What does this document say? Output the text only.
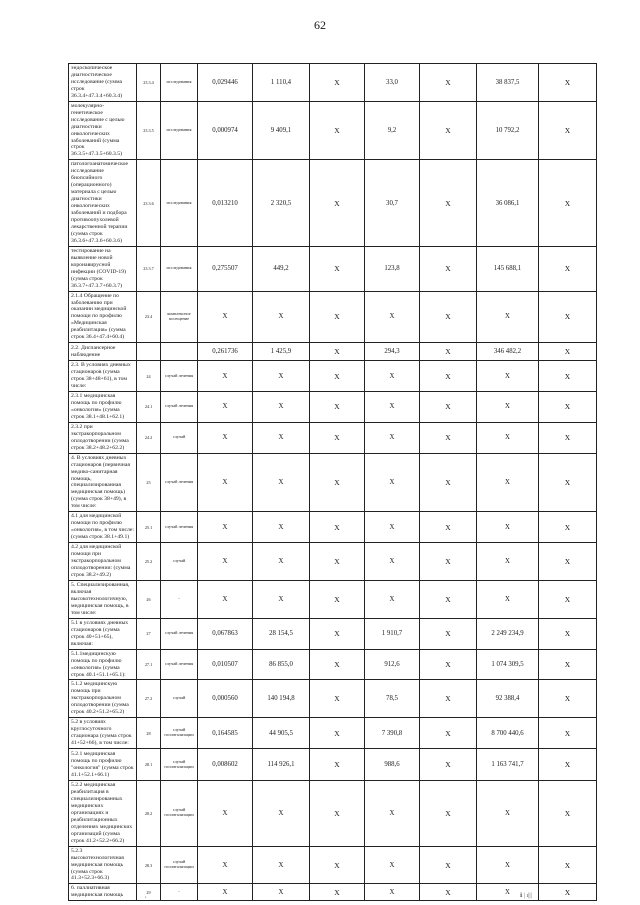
62
эндоскопическое диагностическое исследование (сумма строк 36.3.4+47.3.4+60.3.4)	23.3.4	исследования	0,029446	1 110,4	X	33,0	X	38 837,5	X
молекулярно-генетическое исследование с целью диагностики онкологических заболеваний (сумма строк 36.3.5+47.3.5+60.3.5)	23.3.5	исследования	0,000974	9 409,1	X	9,2	X	10 792,2	X
патологоанатомическое исследование биопсийного (операционного) материала с целью диагностики онкологических заболеваний и подбора противоопухолевой лекарственной терапии (сумма строк 36.3.6+47.3.6+60.3.6)	23.3.6	исследования	0,013210	2 320,5	X	30,7	X	36 086,1	X
тестирование на выявление новой коронавирусной инфекции (COVID-19) (сумма строк 36.3.7+47.3.7+60.3.7)	23.3.7	исследования	0,275507	449,2	X	123,8	X	145 688,1	X
2.1.4 Обращение по заболеванию при оказании медицинской помощи по профилю «Медицинская реабилитация» (сумма строк 36.4+47.4+60.4)	23.4	комплексное посещение	X	X	X	X	X	X	X
2.2. Диспансерное наблюдение			0,261736	1 425,9	X	294,3	X	346 482,2	X
2.3. В условиях дневных стационаров (сумма строк 38+48+61), в том числе:	24	случай лечения	X	X	X	X	X	X	X
2.3.1 медицинская помощь по профилю «онкология» (сумма строк 38.1+48.1+62.1)	24.1	случай лечения	X	X	X	X	X	X	X
2.3.2 при экстракорпоральном оплодотворении (сумма строк 38.2+48.2+62.2)	24.2	случай	X	X	X	X	X	X	X
4. В условиях дневных стационаров (первичная медико-санитарная помощь, специализированная медицинская помощь) (сумма строк 38+49), в том числе:	25	случай лечения	X	X	X	X	X	X	X
4.1 для медицинской помощи по профилю «онкология», в том числе: (сумма строк 38.1+49.1)	25.1	случай лечения	X	X	X	X	X	X	X
4.2 для медицинской помощи при экстракорпоральном оплодотворении: (сумма строк 38.2+49.2)	25.2	случай	X	X	X	X	X	X	X
5. Специализированная, включая высокотехнологичную, медицинская помощь, в том числе:	26	-	X	X	X	X	X	X	X
5.1 в условиях дневных стационаров (сумма строк 40+51+65), включая:	27	случай лечения	0,067863	28 154,5	X	1 910,7	X	2 249 234,9	X
5.1.1медицинскую помощь по профилю «онкология» (сумма строк 40.1+51.1+65.1):	27.1	случай лечения	0,010507	86 855,0	X	912,6	X	1 074 309,5	X
5.1.2 медицинскую помощь при экстракорпоральном оплодотворении (сумма строк 40.2+51.2+65.2)	27.2	случай	0,000560	140 194,8	X	78,5	X	92 388,4	X
5.2 в условиях круглосуточного стационара (сумма строк 41+52+66), в том числе:	28	случай госпитализации	0,164585	44 905,5	X	7 390,8	X	8 700 440,6	X
5.2.1 медицинская помощь по профилю "онкология" (сумма строк 41.1+52.1+66.1)	28.1	случай госпитализации	0,008602	114 926,1	X	988,6	X	1 163 741,7	X
5.2.2 медицинская реабилитация в специализированных медицинских организациях и реабилитационных отделениях медицинских организаций (сумма строк 41.2+52.2+66.2)	28.2	случай госпитализации	X	X	X	X	X	X	X
5.2.3 высокотехнологичная медицинская помощь (сумма строк 41.3+52.3+66.3)	28.3	случай госпитализации	X	X	X	X	X	X	X
6. паллиативная медицинская помощь	29	-	X	X	X	X	X	X	X
,	ℹ | ı|||
